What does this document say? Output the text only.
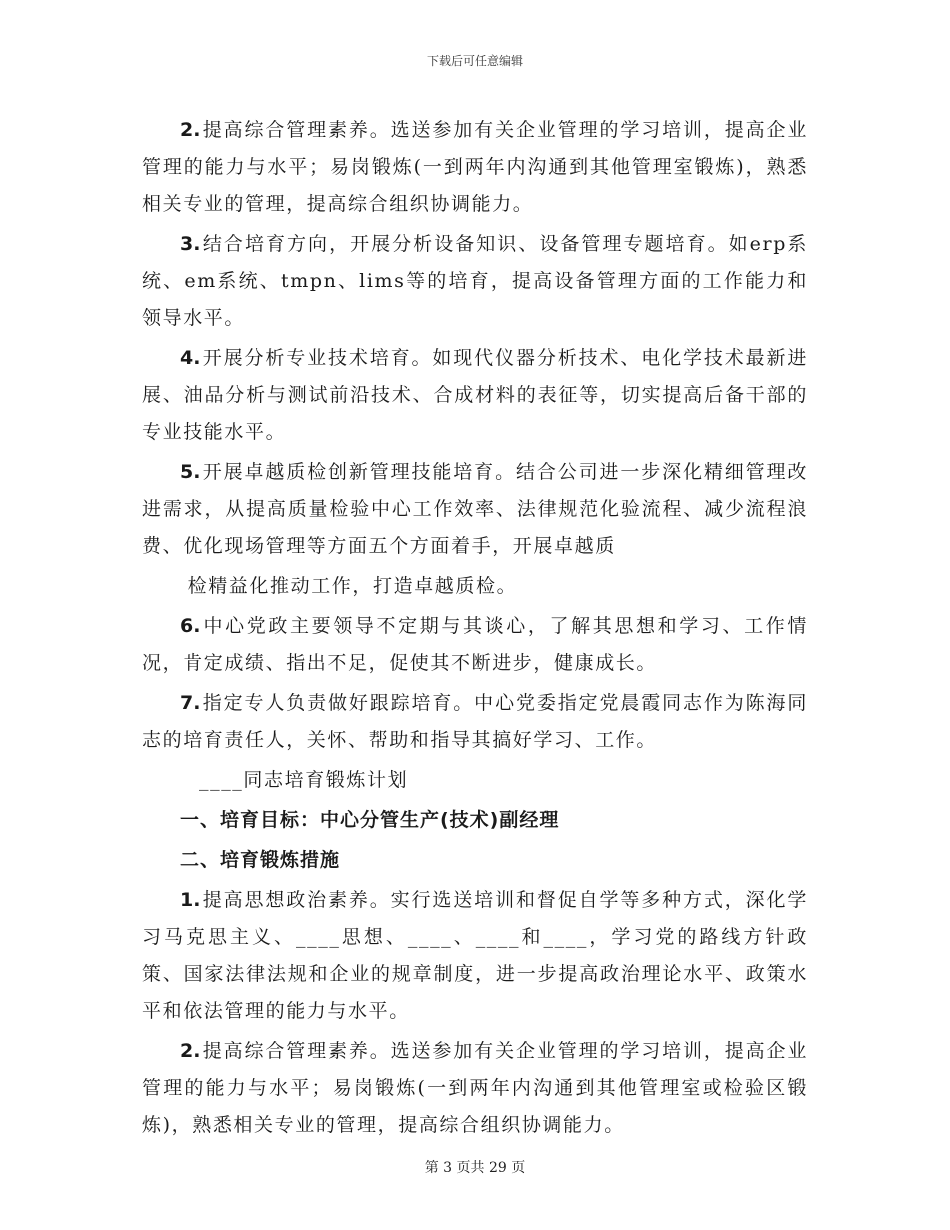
下载后可任意编辑

2. 提高综合管理素养。选送参加有关企业管理的学习培训，提高企业管理的能力与水平；易岗锻炼(一到两年内沟通到其他管理室锻炼)，熟悉相关专业的管理，提高综合组织协调能力。

3. 结合培育方向，开展分析设备知识、设备管理专题培育。如erp系统、em系统、tmpn、lims等的培育，提高设备管理方面的工作能力和领导水平。

4. 开展分析专业技术培育。如现代仪器分析技术、电化学技术最新进展、油品分析与测试前沿技术、合成材料的表征等，切实提高后备干部的专业技能水平。

5. 开展卓越质检创新管理技能培育。结合公司进一步深化精细管理改进需求，从提高质量检验中心工作效率、法律规范化验流程、减少流程浪费、优化现场管理等方面五个方面着手，开展卓越质

检精益化推动工作，打造卓越质检。

6. 中心党政主要领导不定期与其谈心，了解其思想和学习、工作情况，肯定成绩、指出不足，促使其不断进步，健康成长。

7. 指定专人负责做好跟踪培育。中心党委指定党晨霞同志作为陈海同志的培育责任人，关怀、帮助和指导其搞好学习、工作。

____同志培育锻炼计划

一、培育目标：中心分管生产(技术)副经理

二、培育锻炼措施

1. 提高思想政治素养。实行选送培训和督促自学等多种方式，深化学习马克思主义、____思想、____、____和____，学习党的路线方针政策、国家法律法规和企业的规章制度，进一步提高政治理论水平、政策水平和依法管理的能力与水平。

2. 提高综合管理素养。选送参加有关企业管理的学习培训，提高企业管理的能力与水平；易岗锻炼(一到两年内沟通到其他管理室或检验区锻炼)，熟悉相关专业的管理，提高综合组织协调能力。

第 3 页共 29 页
